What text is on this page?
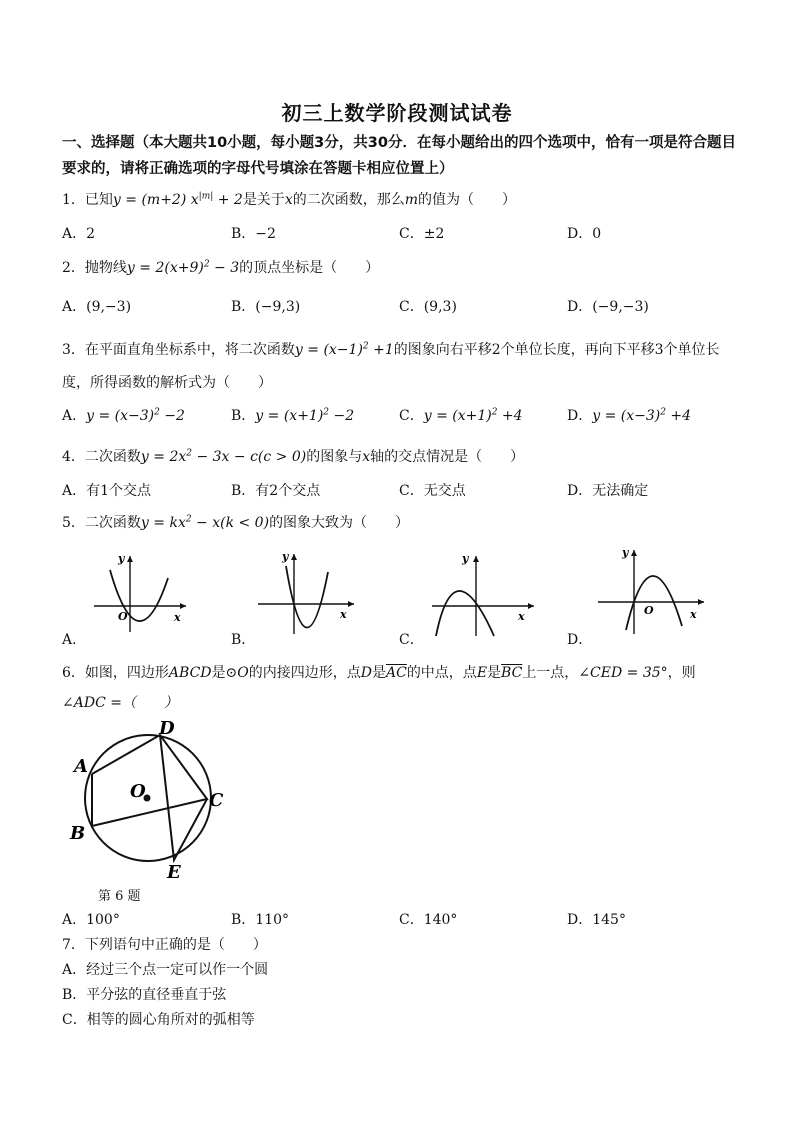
初三上数学阶段测试试卷
一、选择题（本大题共10小题，每小题3分，共30分．在每小题给出的四个选项中，恰有一项是符合题目要求的，请将正确选项的字母代号填涂在答题卡相应位置上）
1．已知y = (m+2) $x^{|m|} + 2$是关于x的二次函数，那么m的值为（　　）
A．2	B．−2	C．±2	D．0
2．抛物线$y = 2(x+9)^2 - 3$的顶点坐标是（　　）
A．(9,−3)	B．(−9,3)	C．(9,3)	D．(−9,−3)
3．在平面直角坐标系中，将二次函数$y = (x-1)^2 +1$的图象向右平移2个单位长度，再向下平移3个单位长
度，所得函数的解析式为（　　）
A．$y = (x-3)^2 -2$	B．$y = (x+1)^2 -2$	C．$y = (x+1)^2 +4$	D．$y = (x-3)^2 +4$
4．二次函数$y = 2x^2 - 3x - c(c > 0)$的图象与x轴的交点情况是（　　）
A．有1个交点	B．有2个交点	C．无交点	D．无法确定
5．二次函数$y = kx^2 - x(k < 0)$的图象大致为（　　）
y
x
O
A．
y
x
B．
y
x
C．
y
x
O
D．
6．如图，四边形ABCD是⊙O的内接四边形，点D是$\overline{AC}$的中点，点E是$\overline{BC}$上一点，∠CED = 35°，则
∠ADC =（　　）
A
B
C
D
E
O
第 6 题
A．100°	B．110°	C．140°	D．145°
7．下列语句中正确的是（　　）
A．经过三个点一定可以作一个圆
B．平分弦的直径垂直于弦
C．相等的圆心角所对的弧相等
